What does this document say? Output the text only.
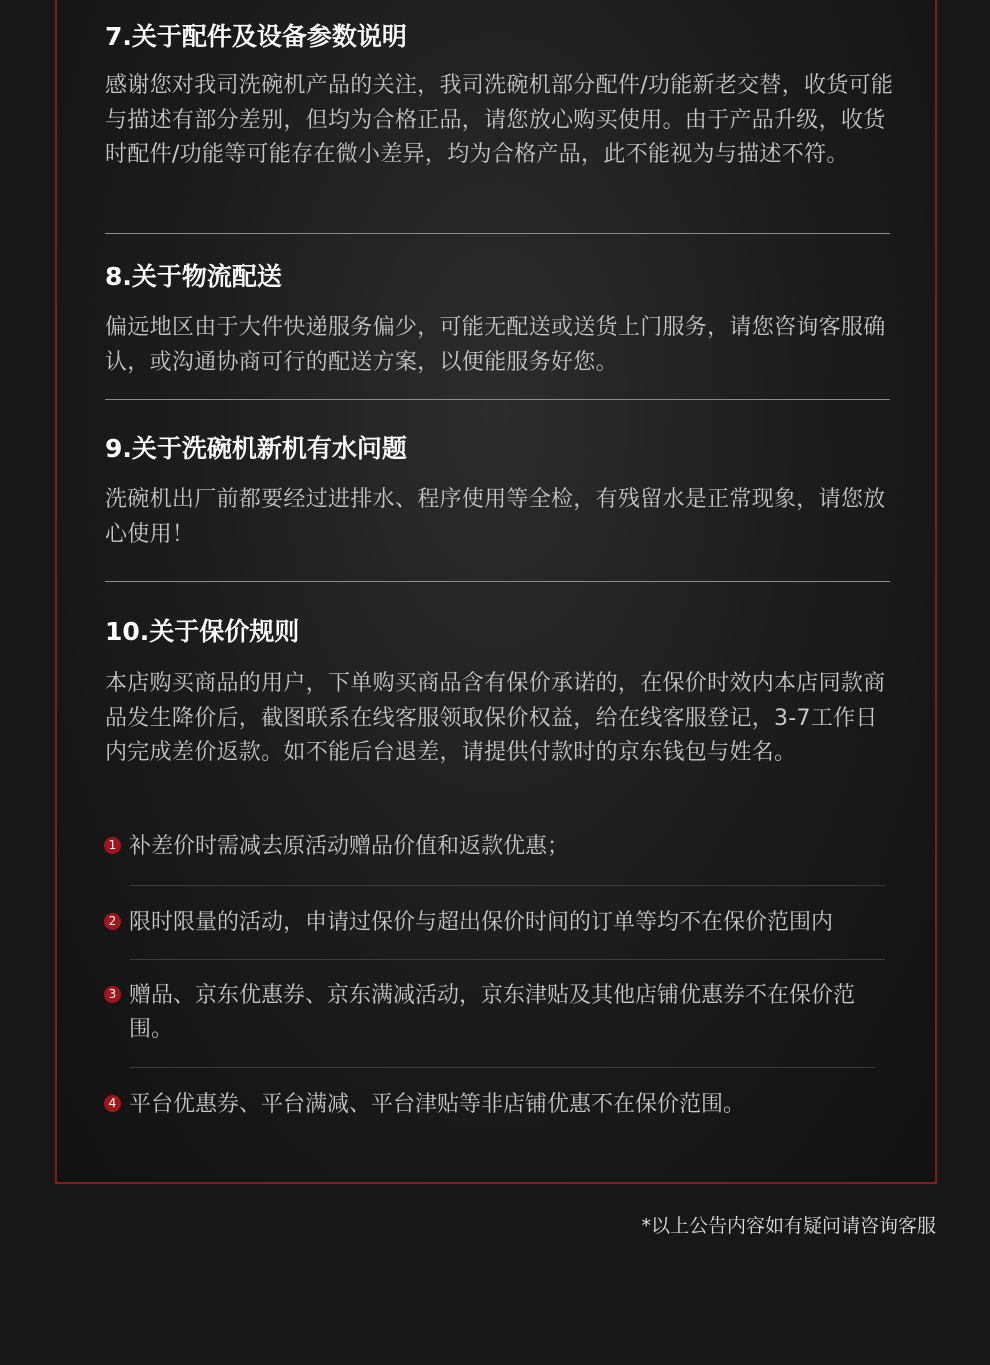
7.关于配件及设备参数说明

感谢您对我司洗碗机产品的关注，我司洗碗机部分配件/功能新老交替，收货可能与描述有部分差别，但均为合格正品，请您放心购买使用。由于产品升级，收货时配件/功能等可能存在微小差异，均为合格产品，此不能视为与描述不符。

8.关于物流配送

偏远地区由于大件快递服务偏少，可能无配送或送货上门服务，请您咨询客服确认，或沟通协商可行的配送方案，以便能服务好您。

9.关于洗碗机新机有水问题

洗碗机出厂前都要经过进排水、程序使用等全检，有残留水是正常现象，请您放心使用！

10.关于保价规则

本店购买商品的用户，下单购买商品含有保价承诺的，在保价时效内本店同款商品发生降价后，截图联系在线客服领取保价权益，给在线客服登记，3-7工作日内完成差价返款。如不能后台退差，请提供付款时的京东钱包与姓名。

1 补差价时需减去原活动赠品价值和返款优惠；
2 限时限量的活动，申请过保价与超出保价时间的订单等均不在保价范围内
3 赠品、京东优惠券、京东满减活动，京东津贴及其他店铺优惠券不在保价范围。
4 平台优惠券、平台满减、平台津贴等非店铺优惠不在保价范围。
*以上公告内容如有疑问请咨询客服
